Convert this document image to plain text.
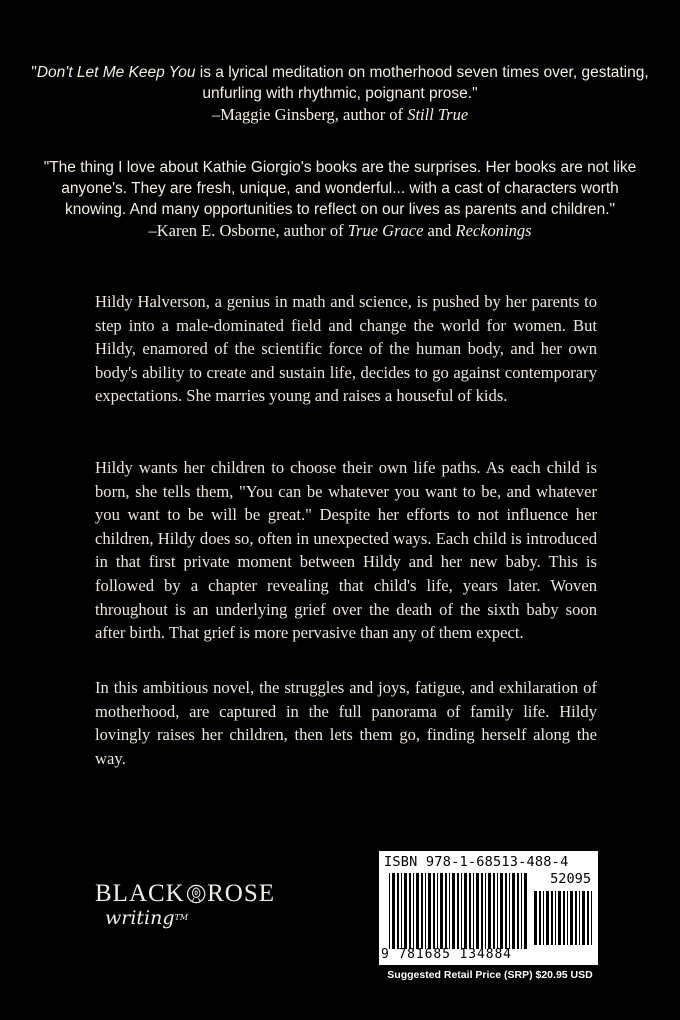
"Don't Let Me Keep You is a lyrical meditation on motherhood seven times over, gestating, unfurling with rhythmic, poignant prose."
–Maggie Ginsberg, author of Still True
"The thing I love about Kathie Giorgio's books are the surprises. Her books are not like anyone's. They are fresh, unique, and wonderful... with a cast of characters worth knowing. And many opportunities to reflect on our lives as parents and children."
–Karen E. Osborne, author of True Grace and Reckonings

Hildy Halverson, a genius in math and science, is pushed by her parents to step into a male-dominated field and change the world for women. But Hildy, enamored of the scientific force of the human body, and her own body's ability to create and sustain life, decides to go against contemporary expectations. She marries young and raises a houseful of kids.

Hildy wants her children to choose their own life paths. As each child is born, she tells them, "You can be whatever you want to be, and whatever you want to be will be great." Despite her efforts to not influence her children, Hildy does so, often in unexpected ways. Each child is introduced in that first private moment between Hildy and her new baby. This is followed by a chapter revealing that child's life, years later. Woven throughout is an underlying grief over the death of the sixth baby soon after birth. That grief is more pervasive than any of them expect.

In this ambitious novel, the struggles and joys, fatigue, and exhilaration of motherhood, are captured in the full panorama of family life. Hildy lovingly raises her children, then lets them go, finding herself along the way.

BLACK ROSE
writing™
ISBN 978-1-68513-488-4
52095
9 781685 134884
Suggested Retail Price (SRP) $20.95 USD
